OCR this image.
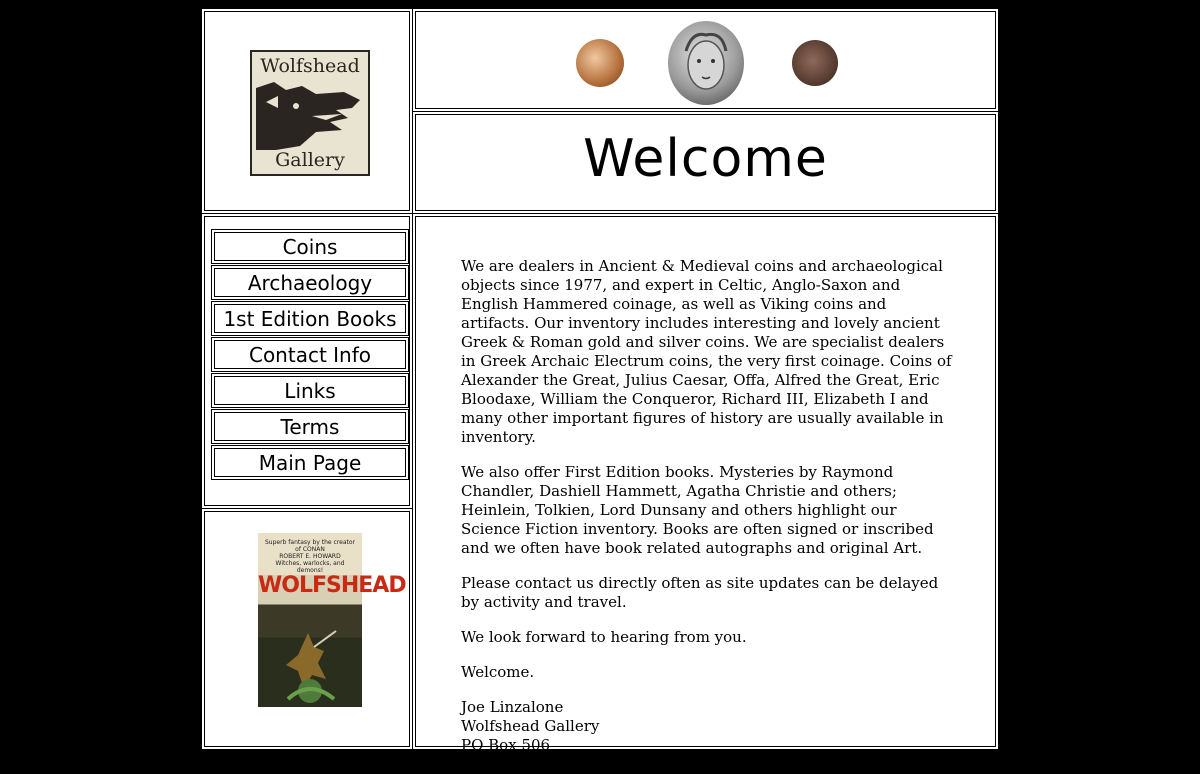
Wolfshead
Gallery	Welcome
Coins
Archaeology
1st Edition Books
Contact Info
Links
Terms
Main Page
Superb fantasy by the creator of CONAN
ROBERT E. HOWARD
Witches, warlocks, and demons!
WOLFSHEAD

We are dealers in Ancient & Medieval coins and archaeological objects since 1977, and expert in Celtic, Anglo-Saxon and English Hammered coinage, as well as Viking coins and artifacts. Our inventory includes interesting and lovely ancient Greek & Roman gold and silver coins. We are specialist dealers in Greek Archaic Electrum coins, the very first coinage. Coins of Alexander the Great, Julius Caesar, Offa, Alfred the Great, Eric Bloodaxe, William the Conqueror, Richard III, Elizabeth I and many other important figures of history are usually available in inventory.

We also offer First Edition books. Mysteries by Raymond Chandler, Dashiell Hammett, Agatha Christie and others; Heinlein, Tolkien, Lord Dunsany and others highlight our Science Fiction inventory. Books are often signed or inscribed and we often have book related autographs and original Art.

Please contact us directly often as site updates can be delayed by activity and travel.

We look forward to hearing from you.

Welcome.

Joe Linzalone
Wolfshead Gallery
PO Box 506
Ridgewood NJ
